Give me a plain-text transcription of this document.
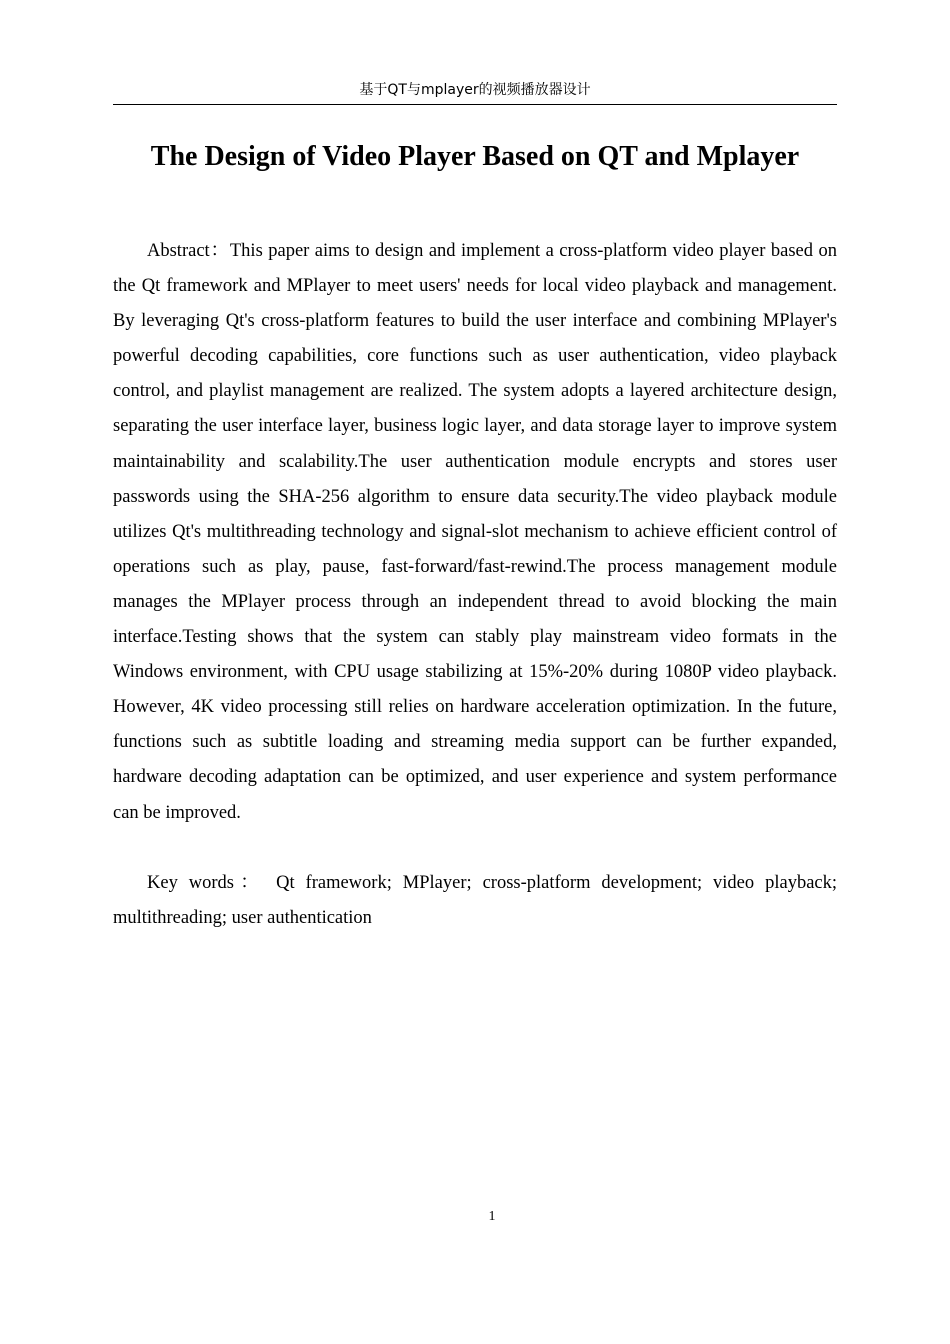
基于QT与mplayer的视频播放器设计
The Design of Video Player Based on QT and Mplayer

Abstract：This paper aims to design and implement a cross-platform video player based on the Qt framework and MPlayer to meet users' needs for local video playback and management. By leveraging Qt's cross-platform features to build the user interface and combining MPlayer's powerful decoding capabilities, core functions such as user authentication, video playback control, and playlist management are realized. The system adopts a layered architecture design, separating the user interface layer, business logic layer, and data storage layer to improve system maintainability and scalability.The user authentication module encrypts and stores user passwords using the SHA-256 algorithm to ensure data security.The video playback module utilizes Qt's multithreading technology and signal-slot mechanism to achieve efficient control of operations such as play, pause, fast-forward/fast-rewind.The process management module manages the MPlayer process through an independent thread to avoid blocking the main interface.Testing shows that the system can stably play mainstream video formats in the Windows environment, with CPU usage stabilizing at 15%-20% during 1080P video playback. However, 4K video processing still relies on hardware acceleration optimization. In the future, functions such as subtitle loading and streaming media support can be further expanded, hardware decoding adaptation can be optimized, and user experience and system performance can be improved.

Key words： Qt framework; MPlayer; cross-platform development; video playback; multithreading; user authentication

1
